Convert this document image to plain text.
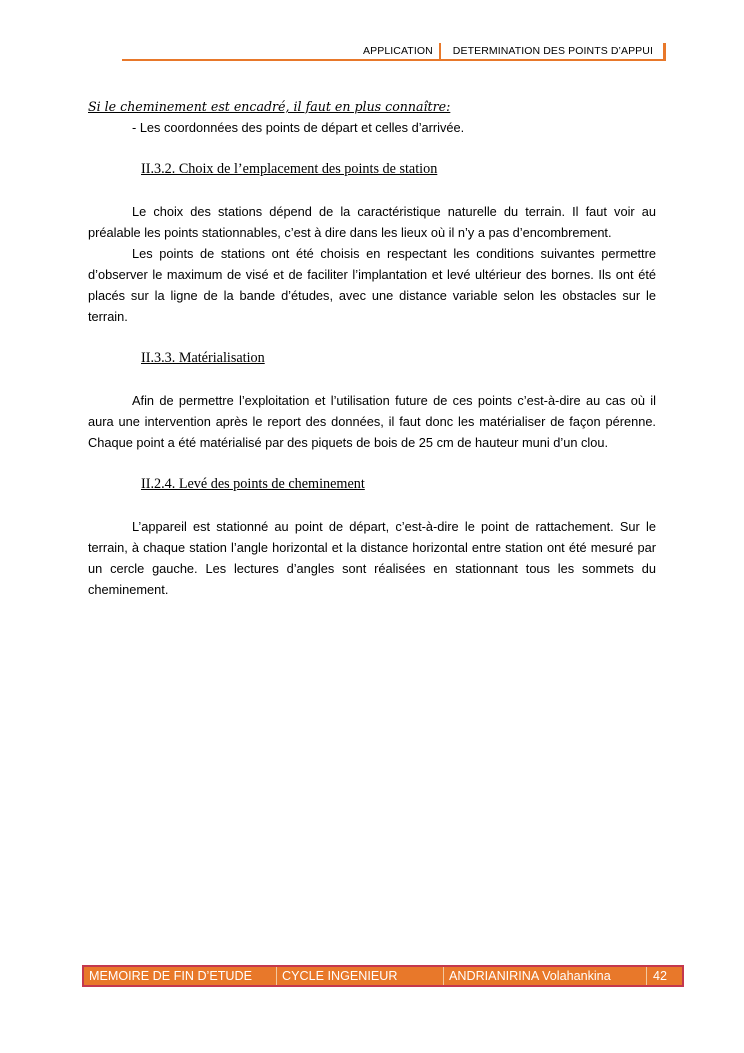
APPLICATION	DETERMINATION DES POINTS D’APPUI

Si le cheminement est encadré, il faut en plus connaître:

- Les coordonnées des points de départ et celles d’arrivée.

II.3.2. Choix de l’emplacement des points de station

Le choix des stations dépend de la caractéristique naturelle du terrain. Il faut voir au préalable les points stationnables, c’est à dire dans les lieux où il n’y a pas d’encombrement.

Les points de stations ont été choisis en respectant les conditions suivantes permettre d’observer le maximum de visé et de faciliter l’implantation et levé ultérieur des bornes. Ils ont été placés sur la ligne de la bande d’études, avec une distance variable selon les obstacles sur le terrain.

II.3.3. Matérialisation

Afin de permettre l’exploitation et l’utilisation future de ces points c’est-à-dire au cas où il aura une intervention après le report des données, il faut donc les matérialiser de façon pérenne. Chaque point a été matérialisé par des piquets de bois de 25 cm de hauteur muni d’un clou.

II.2.4. Levé des points de cheminement

L’appareil est stationné au point de départ, c’est-à-dire le point de rattachement. Sur le terrain, à chaque station l’angle horizontal et la distance horizontal entre station ont été mesuré par un cercle gauche. Les lectures d’angles sont réalisées en stationnant tous les sommets du cheminement.

MEMOIRE DE FIN D’ETUDE	CYCLE INGENIEUR	ANDRIANIRINA Volahankina	42
